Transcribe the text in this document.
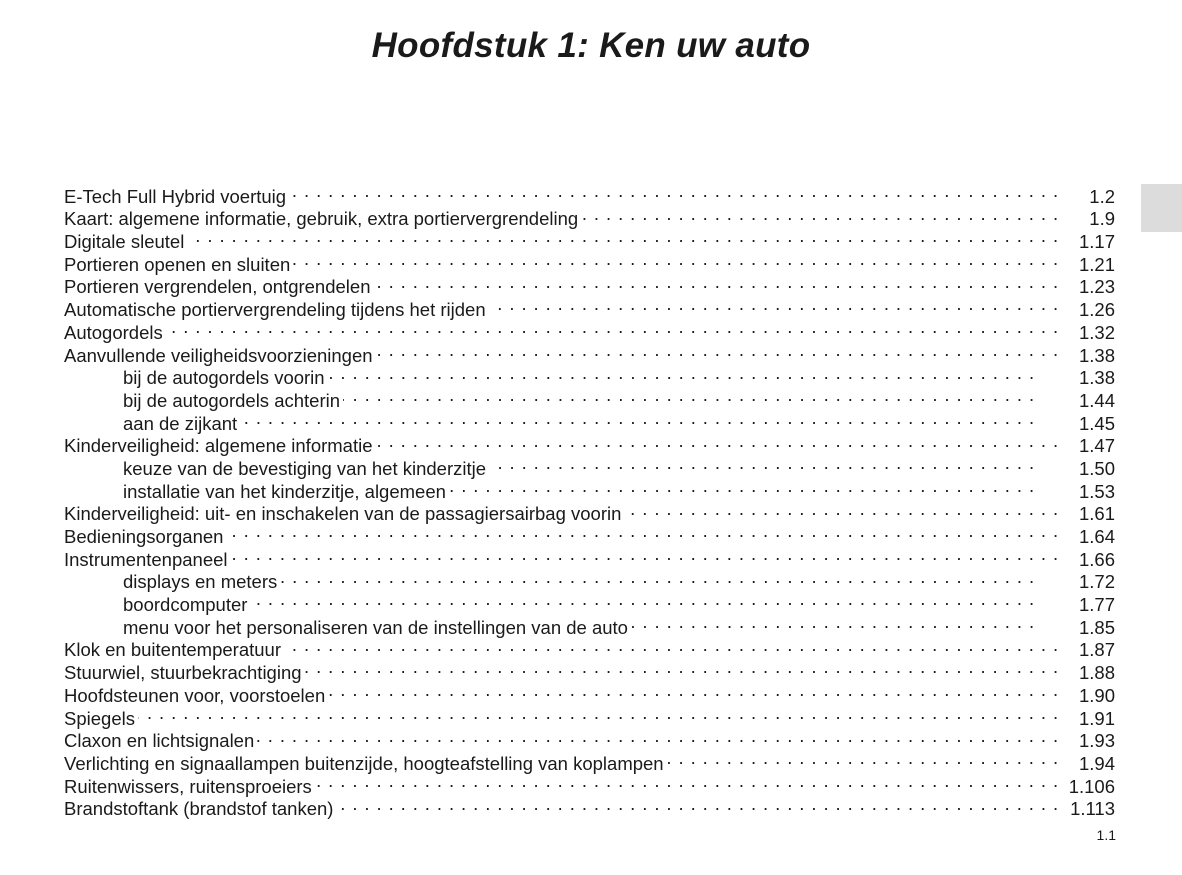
Hoofdstuk 1: Ken uw auto
E-Tech Full Hybrid voertuig . . .	1.2
Kaart: algemene informatie, gebruik, extra portiervergrendeling . . .	1.9
Digitale sleutel . . .	1.17
Portieren openen en sluiten . . .	1.21
Portieren vergrendelen, ontgrendelen . . .	1.23
Automatische portiervergrendeling tijdens het rijden . . .	1.26
Autogordels . . .	1.32
Aanvullende veiligheidsvoorzieningen . . .	1.38
bij de autogordels voorin . . .	1.38
bij de autogordels achterin . . .	1.44
aan de zijkant . . .	1.45
Kinderveiligheid: algemene informatie . . .	1.47
keuze van de bevestiging van het kinderzitje . . .	1.50
installatie van het kinderzitje, algemeen . . .	1.53
Kinderveiligheid: uit- en inschakelen van de passagiersairbag voorin . . .	1.61
Bedieningsorganen . . .	1.64
Instrumentenpaneel . . .	1.66
displays en meters . . .	1.72
boordcomputer . . .	1.77
menu voor het personaliseren van de instellingen van de auto . . .	1.85
Klok en buitentemperatuur . . .	1.87
Stuurwiel, stuurbekrachtiging . . .	1.88
Hoofdsteunen voor, voorstoelen . . .	1.90
Spiegels . . .	1.91
Claxon en lichtsignalen . . .	1.93
Verlichting en signaallampen buitenzijde, hoogteafstelling van koplampen . . .	1.94
Ruitenwissers, ruitensproeiers . . .	1.106
Brandstoftank (brandstof tanken) . . .	1.113
1.1
